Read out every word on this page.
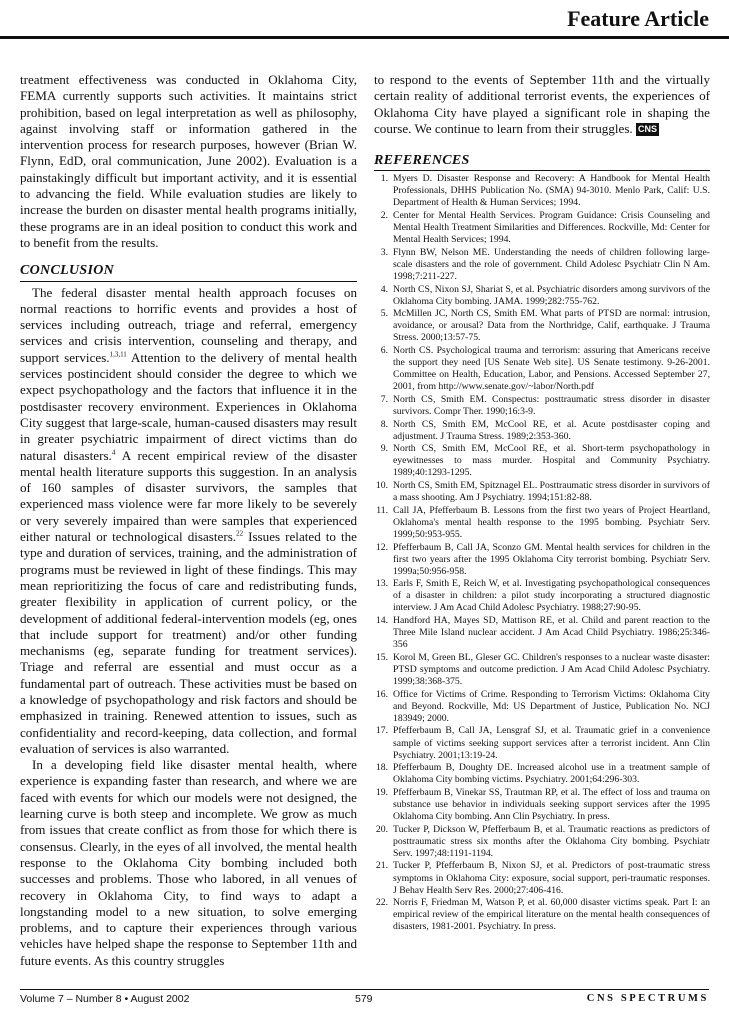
Feature Article

treatment effectiveness was conducted in Oklahoma City, FEMA currently supports such activities. It maintains strict prohibition, based on legal interpretation as well as philosophy, against involving staff or information gathered in the intervention process for research purposes, however (Brian W. Flynn, EdD, oral communication, June 2002). Evaluation is a painstakingly difficult but important activity, and it is essential to advancing the field. While evaluation studies are likely to increase the burden on disaster mental health programs initially, these programs are in an ideal position to conduct this work and to benefit from the results.

CONCLUSION

The federal disaster mental health approach focuses on normal reactions to horrific events and provides a host of services including outreach, triage and referral, emergency services and crisis intervention, counseling and therapy, and support services.$^{1,3,11}$ Attention to the delivery of mental health services postincident should consider the degree to which we expect psychopathology and the factors that influence it in the postdisaster recovery environment. Experiences in Oklahoma City suggest that large-scale, human-caused disasters may result in greater psychiatric impairment of direct victims than do natural disasters.$^4$ A recent empirical review of the disaster mental health literature supports this suggestion. In an analysis of 160 samples of disaster survivors, the samples that experienced mass violence were far more likely to be severely or very severely impaired than were samples that experienced either natural or technological disasters.$^{22}$ Issues related to the type and duration of services, training, and the administration of programs must be reviewed in light of these findings. This may mean reprioritizing the focus of care and redistributing funds, greater flexibility in application of current policy, or the development of additional federal-intervention models (eg, ones that include support for treatment) and/or other funding mechanisms (eg, separate funding for treatment services). Triage and referral are essential and must occur as a fundamental part of outreach. These activities must be based on a knowledge of psychopathology and risk factors and should be emphasized in training. Renewed attention to issues, such as confidentiality and record-keeping, data collection, and formal evaluation of services is also warranted.

In a developing field like disaster mental health, where experience is expanding faster than research, and where we are faced with events for which our models were not designed, the learning curve is both steep and incomplete. We grow as much from issues that create conflict as from those for which there is consensus. Clearly, in the eyes of all involved, the mental health response to the Oklahoma City bombing included both successes and problems. Those who labored, in all venues of recovery in Oklahoma City, to find ways to adapt a longstanding model to a new situation, to solve emerging problems, and to capture their experiences through various vehicles have helped shape the response to September 11th and future events. As this country struggles

to respond to the events of September 11th and the virtually certain reality of additional terrorist events, the experiences of Oklahoma City have played a significant role in shaping the course. We continue to learn from their struggles. CNS

REFERENCES
1. Myers D. Disaster Response and Recovery: A Handbook for Mental Health Professionals, DHHS Publication No. (SMA) 94-3010. Menlo Park, Calif: U.S. Department of Health & Human Services; 1994.
2. Center for Mental Health Services. Program Guidance: Crisis Counseling and Mental Health Treatment Similarities and Differences. Rockville, Md: Center for Mental Health Services; 1994.
3. Flynn BW, Nelson ME. Understanding the needs of children following large-scale disasters and the role of government. Child Adolesc Psychiatr Clin N Am. 1998;7:211-227.
4. North CS, Nixon SJ, Shariat S, et al. Psychiatric disorders among survivors of the Oklahoma City bombing. JAMA. 1999;282:755-762.
5. McMillen JC, North CS, Smith EM. What parts of PTSD are normal: intrusion, avoidance, or arousal? Data from the Northridge, Calif, earthquake. J Trauma Stress. 2000;13:57-75.
6. North CS. Psychological trauma and terrorism: assuring that Americans receive the support they need [US Senate Web site]. US Senate testimony. 9-26-2001. Committee on Health, Education, Labor, and Pensions. Accessed September 27, 2001, from http://www.senate.gov/~labor/North.pdf
7. North CS, Smith EM. Conspectus: posttraumatic stress disorder in disaster survivors. Compr Ther. 1990;16:3-9.
8. North CS, Smith EM, McCool RE, et al. Acute postdisaster coping and adjustment. J Trauma Stress. 1989;2:353-360.
9. North CS, Smith EM, McCool RE, et al. Short-term psychopathology in eyewitnesses to mass murder. Hospital and Community Psychiatry. 1989;40:1293-1295.
10. North CS, Smith EM, Spitznagel EL. Posttraumatic stress disorder in survivors of a mass shooting. Am J Psychiatry. 1994;151:82-88.
11. Call JA, Pfefferbaum B. Lessons from the first two years of Project Heartland, Oklahoma's mental health response to the 1995 bombing. Psychiatr Serv. 1999;50:953-955.
12. Pfefferbaum B, Call JA, Sconzo GM. Mental health services for children in the first two years after the 1995 Oklahoma City terrorist bombing. Psychiatr Serv. 1999a;50:956-958.
13. Earls F, Smith E, Reich W, et al. Investigating psychopathological consequences of a disaster in children: a pilot study incorporating a structured diagnostic interview. J Am Acad Child Adolesc Psychiatry. 1988;27:90-95.
14. Handford HA, Mayes SD, Mattison RE, et al. Child and parent reaction to the Three Mile Island nuclear accident. J Am Acad Child Psychiatry. 1986;25:346-356
15. Korol M, Green BL, Gleser GC. Children's responses to a nuclear waste disaster: PTSD symptoms and outcome prediction. J Am Acad Child Adolesc Psychiatry. 1999;38:368-375.
16. Office for Victims of Crime. Responding to Terrorism Victims: Oklahoma City and Beyond. Rockville, Md: US Department of Justice, Publication No. NCJ 183949; 2000.
17. Pfefferbaum B, Call JA, Lensgraf SJ, et al. Traumatic grief in a convenience sample of victims seeking support services after a terrorist incident. Ann Clin Psychiatry. 2001;13:19-24.
18. Pfefferbaum B, Doughty DE. Increased alcohol use in a treatment sample of Oklahoma City bombing victims. Psychiatry. 2001;64:296-303.
19. Pfefferbaum B, Vinekar SS, Trautman RP, et al. The effect of loss and trauma on substance use behavior in individuals seeking support services after the 1995 Oklahoma City bombing. Ann Clin Psychiatry. In press.
20. Tucker P, Dickson W, Pfefferbaum B, et al. Traumatic reactions as predictors of posttraumatic stress six months after the Oklahoma City bombing. Psychiatr Serv. 1997;48:1191-1194.
21. Tucker P, Pfefferbaum B, Nixon SJ, et al. Predictors of post-traumatic stress symptoms in Oklahoma City: exposure, social support, peri-traumatic responses. J Behav Health Serv Res. 2000;27:406-416.
22. Norris F, Friedman M, Watson P, et al. 60,000 disaster victims speak. Part I: an empirical review of the empirical literature on the mental health consequences of disasters, 1981-2001. Psychiatry. In press.
Volume 7 – Number 8 • August 2002	579	CNS SPECTRUMS
